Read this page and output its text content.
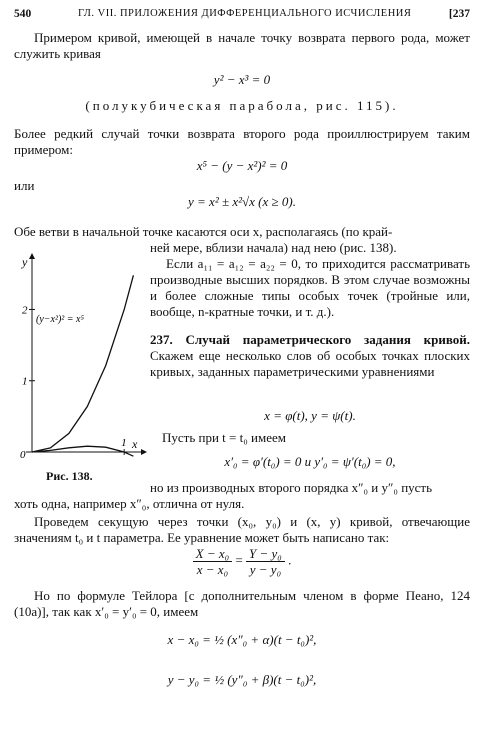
540	ГЛ. VII. ПРИЛОЖЕНИЯ ДИФФЕРЕНЦИАЛЬНОГО ИСЧИСЛЕНИЯ	[237
Примером кривой, имеющей в начале точку возврата первого рода, может служить кривая
y² − x³ = 0
(полукубическая парабола, рис. 115).
Более редкий случай точки возврата второго рода проиллюстрируем таким примером:
x⁵ − (y − x²)² = 0
или
y = x² ± x²√x (x ≥ 0).
Обе ветви в начальной точке касаются оси x, располагаясь (по край-
ней мере, вблизи начала) над нею (рис. 138).
Если a₁₁ = a₁₂ = a₂₂ = 0, то приходится рассматривать производные высших порядков. В этом случае возможны и более сложные типы особых точек (тройные или, вообще, n-кратные точки, и т. д.).
237. Случай параметрического задания кривой. Скажем еще несколько слов об особых точках плоских кривых, заданных параметрическими уравнениями
x = φ(t), y = ψ(t).
Пусть при t = t₀ имеем
x′₀ = φ′(t₀) = 0 и y′₀ = ψ′(t₀) = 0,
но из производных второго порядка x″₀ и y″₀ пусть
хоть одна, например x″₀, отлична от нуля.
Проведем секущую через точки (x₀, y₀) и (x, y) кривой, отвечающие значениям t₀ и t параметра. Ее уравнение может быть написано так:
$\frac{\text{X − x₀}}{\text{x − x₀}} = \frac{\text{Y − y₀}}{\text{y − y₀}}$ .
Но по формуле Тейлора [с дополнительным членом в форме Пеано, 124 (10a)], так как x′₀ = y′₀ = 0, имеем
x − x₀ = ½ (x″₀ + α)(t − t₀)²,
y − y₀ = ½ (y″₀ + β)(t − t₀)²,
y
x
0
1
2
1
(y−x²)² = x⁵
Рис. 138.
